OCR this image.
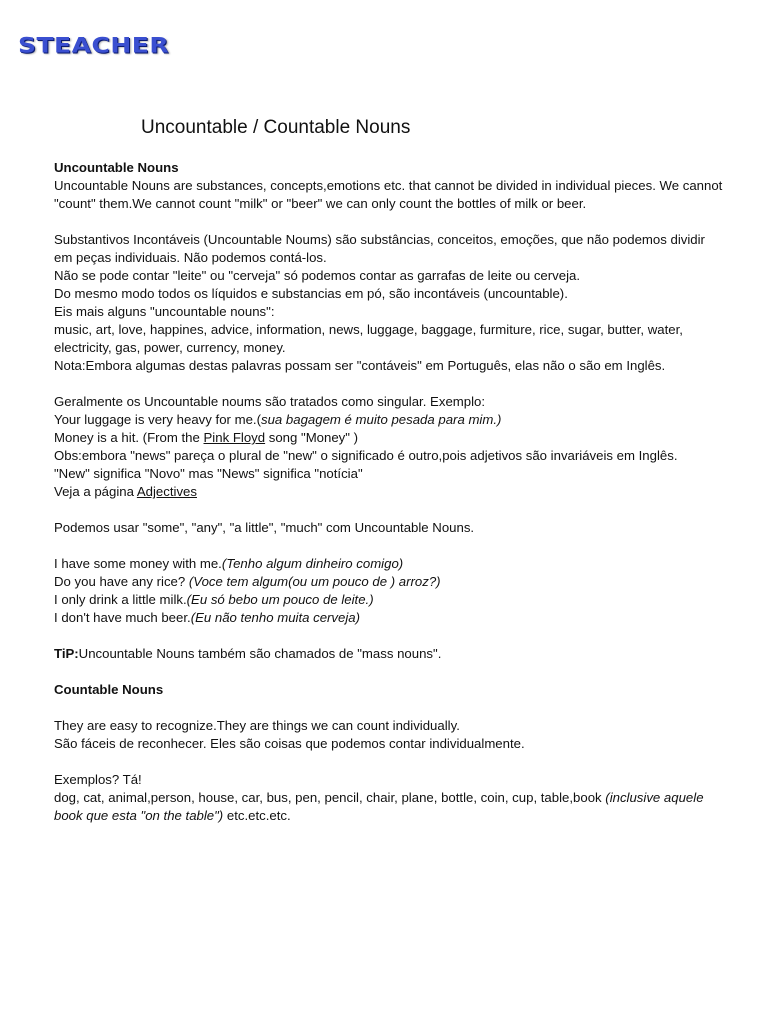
STEACHER
Uncountable / Countable Nouns

Uncountable Nouns

Uncountable Nouns are substances, concepts,emotions etc. that cannot be divided in individual pieces. We cannot "count" them.We cannot count "milk" or "beer" we can only count the bottles of milk or beer.

Substantivos Incontáveis (Uncountable Noums) são substâncias, conceitos, emoções, que não podemos dividir em peças individuais. Não podemos contá-los.

Não se pode contar "leite" ou "cerveja" só podemos contar as garrafas de leite ou cerveja.

Do mesmo modo todos os líquidos e substancias em pó, são incontáveis (uncountable).

Eis mais alguns "uncountable nouns":

music, art, love, happines, advice, information, news, luggage, baggage, furmiture, rice, sugar, butter, water, electricity, gas, power, currency, money.

Nota:Embora algumas destas palavras possam ser "contáveis" em Português, elas não o são em Inglês.

Geralmente os Uncountable noums são tratados como singular. Exemplo:

Your luggage is very heavy for me.(sua bagagem é muito pesada para mim.)

Money is a hit. (From the Pink Floyd song "Money" )

Obs:embora "news" pareça o plural de "new" o significado é outro,pois adjetivos são invariáveis em Inglês.

"New" significa "Novo" mas "News" significa "notícia"

Veja a página Adjectives

Podemos usar "some", "any", "a little", "much" com Uncountable Nouns.

I have some money with me.(Tenho algum dinheiro comigo)

Do you have any rice? (Voce tem algum(ou um pouco de ) arroz?)

I only drink a little milk.(Eu só bebo um pouco de leite.)

I don't have much beer.(Eu não tenho muita cerveja)

TiP:Uncountable Nouns também são chamados de "mass nouns".

Countable Nouns

They are easy to recognize.They are things we can count individually.

São fáceis de reconhecer. Eles são coisas que podemos contar individualmente.

Exemplos? Tá!

dog, cat, animal,person, house, car, bus, pen, pencil, chair, plane, bottle, coin, cup, table,book (inclusive aquele book que esta "on the table") etc.etc.etc.
